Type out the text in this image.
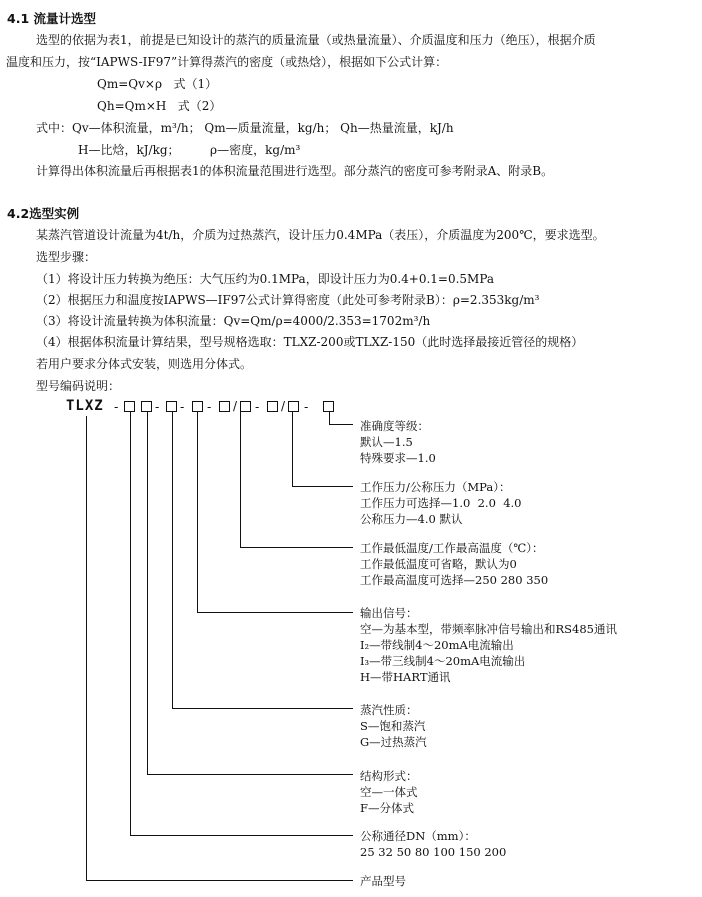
4.1 流量计选型
选型的依据为表1，前提是已知设计的蒸汽的质量流量（或热量流量）、介质温度和压力（绝压），根据介质
温度和压力，按“IAPWS-IF97”计算得蒸汽的密度（或热焓），根据如下公式计算：
Qm=Qv×ρ   式（1）
Qh=Qm×H   式（2）
式中：Qv—体积流量，m³/h； Qm—质量流量，kg/h； Qh—热量流量，kJ/h
H—比焓，kJ/kg；        ρ—密度，kg/m³
计算得出体积流量后再根据表1的体积流量范围进行选型。部分蒸汽的密度可参考附录A、附录B。
4.2选型实例
某蒸汽管道设计流量为4t/h，介质为过热蒸汽，设计压力0.4MPa（表压），介质温度为200℃，要求选型。
选型步骤：
（1）将设计压力转换为绝压：大气压约为0.1MPa，即设计压力为0.4+0.1=0.5MPa
（2）根据压力和温度按IAPWS—IF97公式计算得密度（此处可参考附录B）：ρ=2.353kg/m³
（3）将设计流量转换为体积流量：Qv=Qm/ρ=4000/2.353=1702m³/h
（4）根据体积流量计算结果，型号规格选取：TLXZ-200或TLXZ-150（此时选择最接近管径的规格）
若用户要求分体式安装，则选用分体式。
型号编码说明：
TLXZ -	- - - / - / -
准确度等级：
默认—1.5
特殊要求—1.0
工作压力/公称压力（MPa）：
工作压力可选择—1.0  2.0  4.0
公称压力—4.0 默认
工作最低温度/工作最高温度（℃）：
工作最低温度可省略，默认为0
工作最高温度可选择—250 280 350
输出信号：
空—为基本型，带频率脉冲信号输出和RS485通讯
I₂—带线制4～20mA电流输出
I₃—带三线制4～20mA电流输出
H—带HART通讯
蒸汽性质：
S—饱和蒸汽
G—过热蒸汽
结构形式：
空—一体式
F—分体式
公称通径DN（mm）：
25 32 50 80 100 150 200
产品型号
